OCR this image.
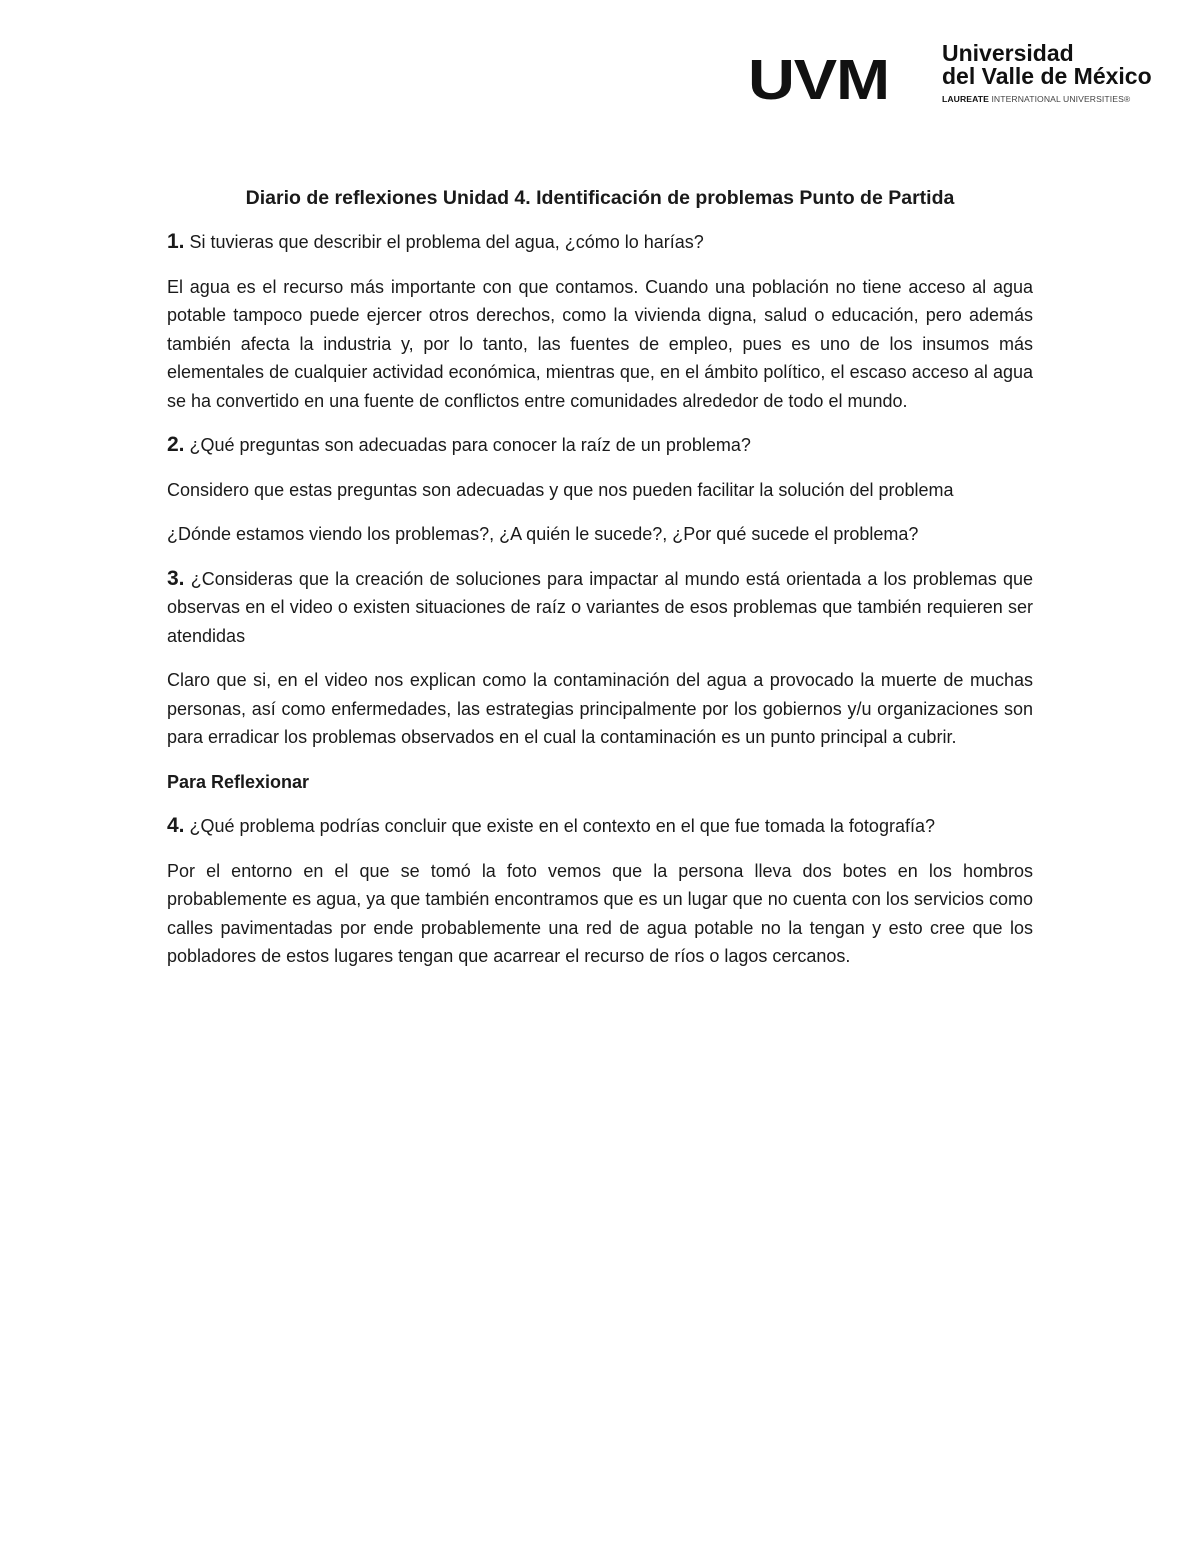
UVM Universidad
del Valle de México
LAUREATE INTERNATIONAL UNIVERSITIES®
Diario de reflexiones Unidad 4. Identificación de problemas Punto de Partida

1. Si tuvieras que describir el problema del agua, ¿cómo lo harías?

El agua es el recurso más importante con que contamos. Cuando una población no tiene acceso al agua potable tampoco puede ejercer otros derechos, como la vivienda digna, salud o educación, pero además también afecta la industria y, por lo tanto, las fuentes de empleo, pues es uno de los insumos más elementales de cualquier actividad económica, mientras que, en el ámbito político, el escaso acceso al agua se ha convertido en una fuente de conflictos entre comunidades alrededor de todo el mundo.

2. ¿Qué preguntas son adecuadas para conocer la raíz de un problema?

Considero que estas preguntas son adecuadas y que nos pueden facilitar la solución del problema

¿Dónde estamos viendo los problemas?, ¿A quién le sucede?, ¿Por qué sucede el problema?

3. ¿Consideras que la creación de soluciones para impactar al mundo está orientada a los problemas que observas en el video o existen situaciones de raíz o variantes de esos problemas que también requieren ser atendidas

Claro que si, en el video nos explican como la contaminación del agua a provocado la muerte de muchas personas, así como enfermedades, las estrategias principalmente por los gobiernos y/u organizaciones son para erradicar los problemas observados en el cual la contaminación es un punto principal a cubrir.

Para Reflexionar

4. ¿Qué problema podrías concluir que existe en el contexto en el que fue tomada la fotografía?

Por el entorno en el que se tomó la foto vemos que la persona lleva dos botes en los hombros probablemente es agua, ya que también encontramos que es un lugar que no cuenta con los servicios como calles pavimentadas por ende probablemente una red de agua potable no la tengan y esto cree que los pobladores de estos lugares tengan que acarrear el recurso de ríos o lagos cercanos.
